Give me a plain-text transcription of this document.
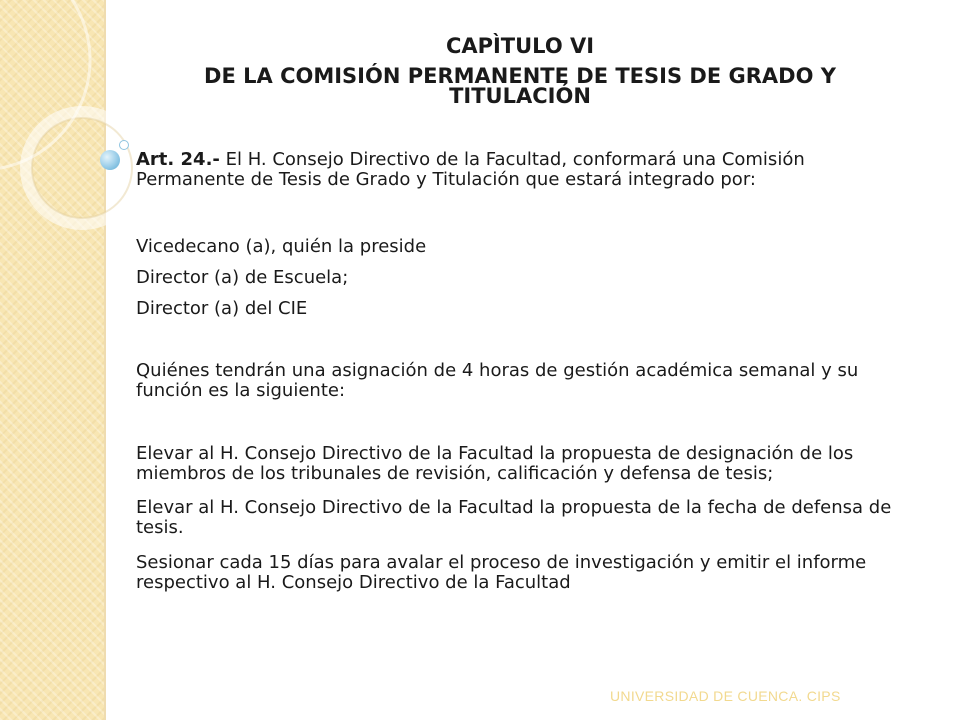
CAPÌTULO VI
DE LA COMISIÓN PERMANENTE DE TESIS DE GRADO Y TITULACIÓN
Art. 24.- El H. Consejo Directivo de la Facultad, conformará una Comisión Permanente de Tesis de Grado y Titulación que estará integrado por:
Vicedecano (a), quién la preside
Director (a) de Escuela;
Director (a) del CIE
Quiénes tendrán una asignación de 4 horas de gestión académica semanal y su función es la siguiente:
Elevar al H. Consejo Directivo de la Facultad la propuesta de designación de los miembros de los tribunales de revisión, calificación y defensa de tesis;
Elevar al H. Consejo Directivo de la Facultad la propuesta de la fecha de defensa de tesis.
Sesionar cada 15 días para avalar el proceso de investigación y emitir el informe respectivo al H. Consejo Directivo de la Facultad
UNIVERSIDAD DE CUENCA. CIPS
